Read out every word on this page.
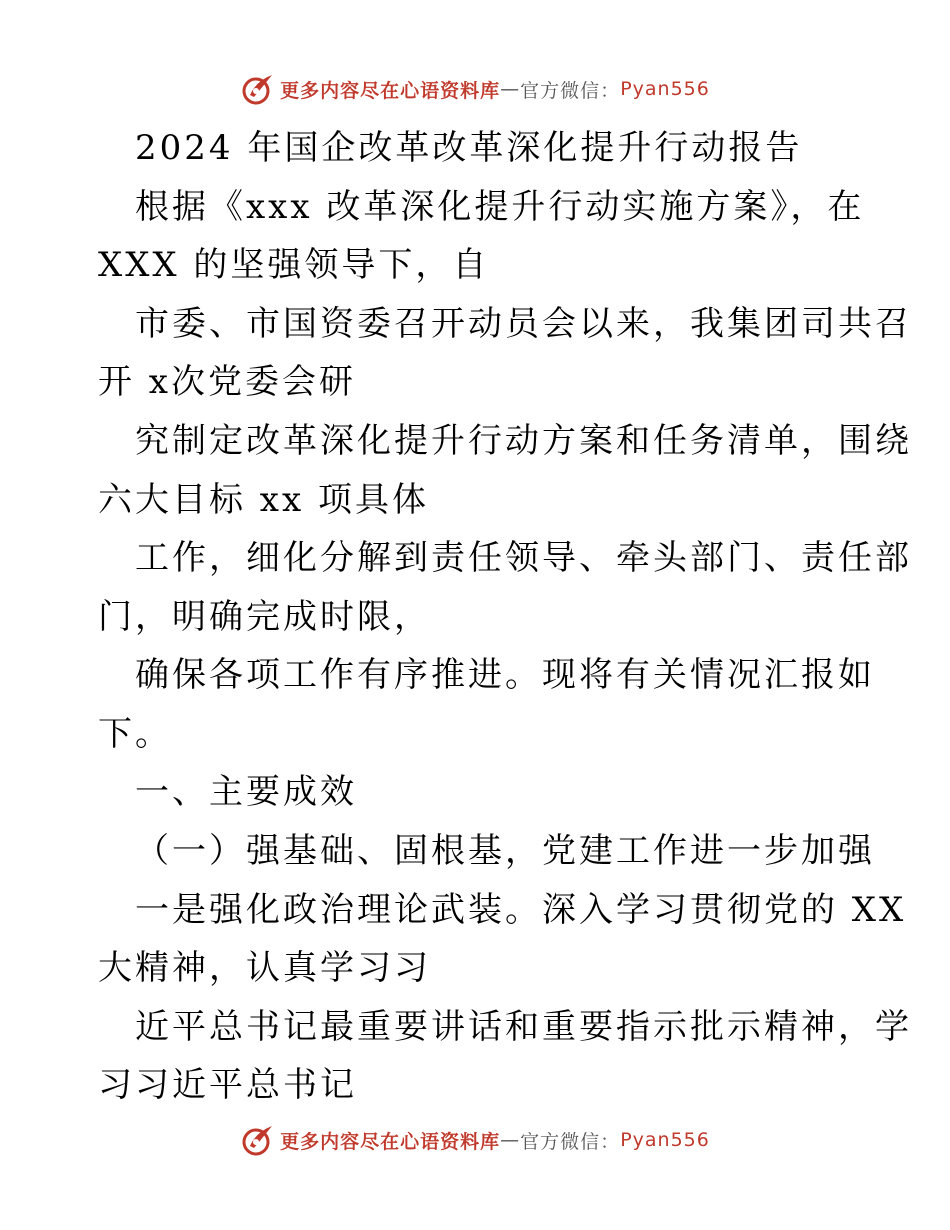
更多内容尽在心语资料库 — 官方微信： Pyan556
2024 年国企改革改革深化提升行动报告
根据《xxx 改革深化提升行动实施方案》，在
XXX 的坚强领导下，自
市委、市国资委召开动员会以来，我集团司共召
开 x次党委会研
究制定改革深化提升行动方案和任务清单，围绕
六大目标 xx 项具体
工作，细化分解到责任领导、牵头部门、责任部
门，明确完成时限，
确保各项工作有序推进。现将有关情况汇报如
下。
一、主要成效
（一）强基础、固根基，党建工作进一步加强
一是强化政治理论武装。深入学习贯彻党的 XX
大精神，认真学习习
近平总书记最重要讲话和重要指示批示精神，学
习习近平总书记
更多内容尽在心语资料库 — 官方微信： Pyan556
